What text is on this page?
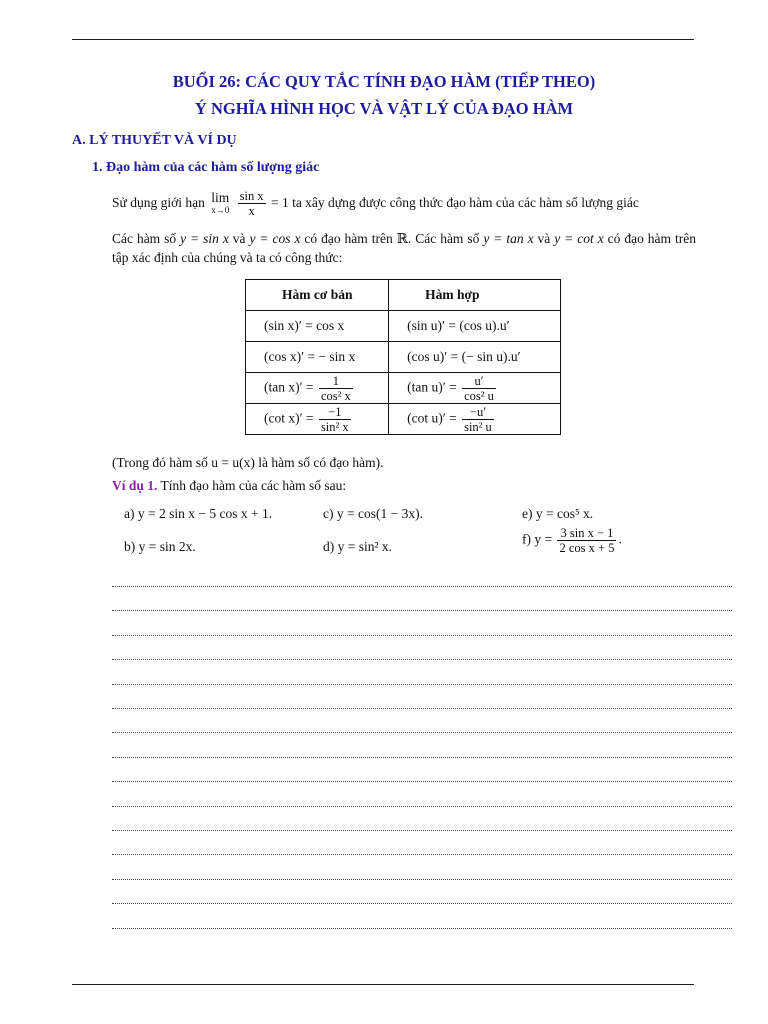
BUỔI 26: CÁC QUY TẮC TÍNH ĐẠO HÀM (TIẾP THEO)
Ý NGHĨA HÌNH HỌC VÀ VẬT LÝ CỦA ĐẠO HÀM
A. LÝ THUYẾT VÀ VÍ DỤ
1. Đạo hàm của các hàm số lượng giác
Sử dụng giới hạn lim
x→0
$\frac{\text{sin x}}{x} = 1$ ta xây dựng được công thức đạo hàm của các hàm số lượng giác
Các hàm số y = sin x và y = cos x có đạo hàm trên ℝ. Các hàm số y = tan x và y = cot x có đạo hàm trên tập xác định của chúng và ta có công thức:
Hàm cơ bản	Hàm hợp
(sin x)′ = cos x	(sin u)′ = (cos u).u′
(cos x)′ = − sin x	(cos u)′ = (− sin u).u′
(tan $x)' = \frac{1}{\text{cos² x}}$	(tan $u)' = \frac{u'}{\text{cos² u}}$

(cot $x)' = \frac{-1}{\text{sin² x}}$	(cot $u)' = \frac{-u'}{\text{sin² u}}$
(Trong đó hàm số u = u(x) là hàm số có đạo hàm).
Ví dụ 1. Tính đạo hàm của các hàm số sau:
a) y = 2 sin x − 5 cos x + 1.	c) y = cos(1 − 3x).	e) y = cos⁵ x.
b) y = sin 2x.	d) y = sin² x.	f) $y = \frac{\text{3 sin x − 1}}{\text{2 cos x + 5}}$ .
